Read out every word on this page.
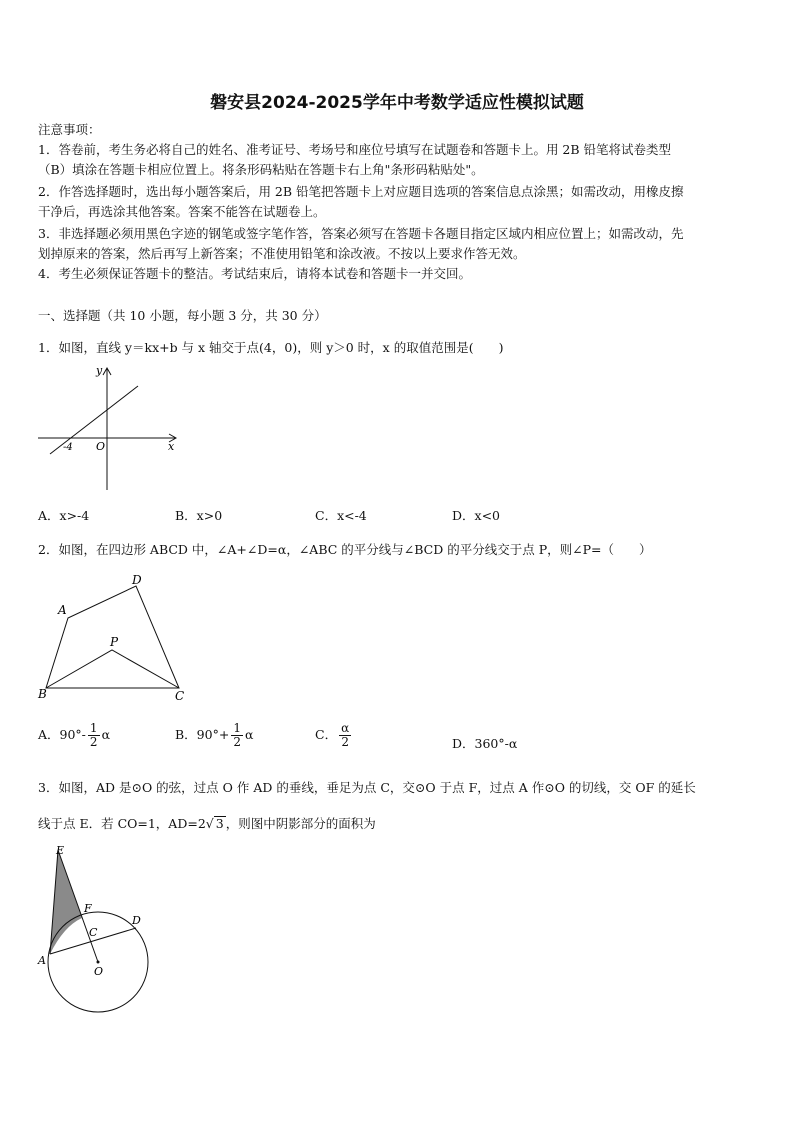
磐安县2024-2025学年中考数学适应性模拟试题
注意事项：
1．答卷前，考生务必将自己的姓名、准考证号、考场号和座位号填写在试题卷和答题卡上。用 2B 铅笔将试卷类型
（B）填涂在答题卡相应位置上。将条形码粘贴在答题卡右上角"条形码粘贴处"。
2．作答选择题时，选出每小题答案后，用 2B 铅笔把答题卡上对应题目选项的答案信息点涂黑；如需改动，用橡皮擦
干净后，再选涂其他答案。答案不能答在试题卷上。
3．非选择题必须用黑色字迹的钢笔或签字笔作答，答案必须写在答题卡各题目指定区域内相应位置上；如需改动，先
划掉原来的答案，然后再写上新答案；不准使用铅笔和涂改液。不按以上要求作答无效。
4．考生必须保证答题卡的整洁。考试结束后，请将本试卷和答题卡一并交回。
一、选择题（共 10 小题，每小题 3 分，共 30 分）
1．如图，直线 y＝kx+b 与 x 轴交于点(4，0)，则 y＞0 时，x 的取值范围是(　　)
y
x
O
-4
A．x>-4	B．x>0	C．x<-4	D．x<0
2．如图，在四边形 ABCD 中，∠A+∠D=α，∠ABC 的平分线与∠BCD 的平分线交于点 P，则∠P=（　　）
A
B	C
D
P
A．$90^\circ- \frac{1}{2}$ α	B．$90^\circ+ \frac{1}{2}$ α	C． $\frac{\alpha}{2}$	D．360°-α
3．如图，AD 是⊙O 的弦，过点 O 作 AD 的垂线，垂足为点 C，交⊙O 于点 F，过点 A 作⊙O 的切线，交 OF 的延长
线于点 E．若 CO=1，AD=2√ 3 ，则图中阴影部分的面积为
E
F
C
D
A
O
